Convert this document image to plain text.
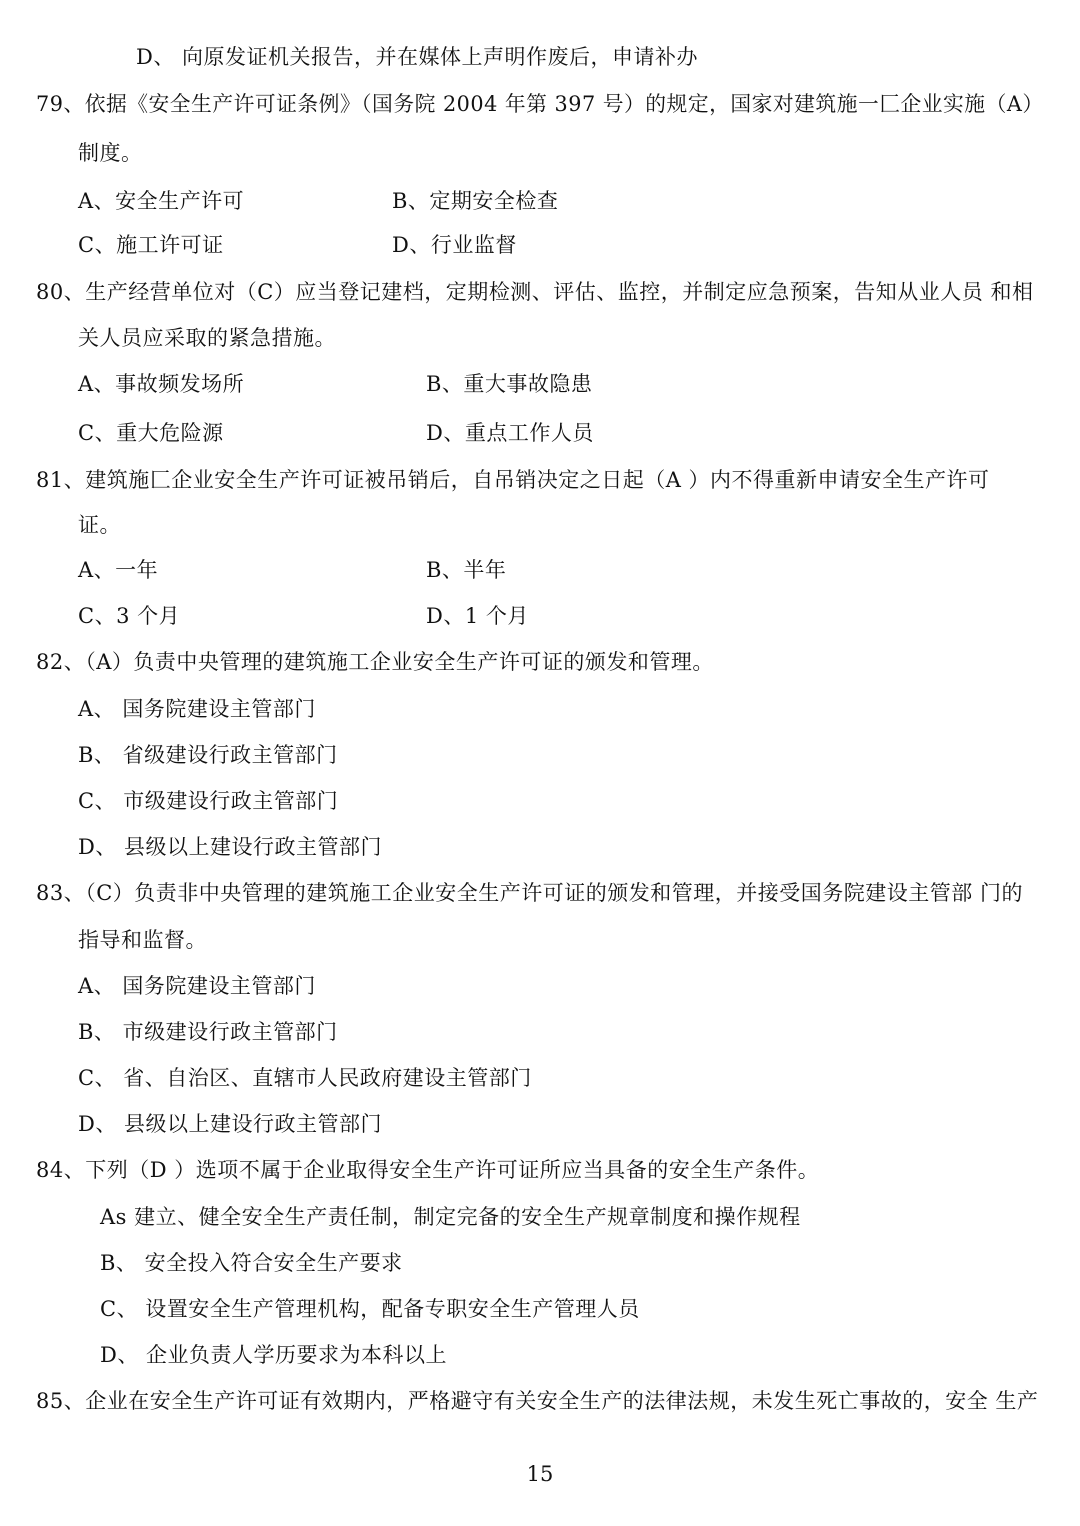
D、 向原发证机关报告，并在媒体上声明作废后，申请补办
79、依据《安全生产许可证条例》（国务院 2004 年第 397 号）的规定，国家对建筑施一匚企业实施（A）
制度。
A、安全生产许可	B、定期安全检查
C、施工许可证	D、行业监督
80、生产经营单位对（C）应当登记建档，定期检测、评估、监控，并制定应急预案，告知从业人员 和相
关人员应采取的紧急措施。
A、事故频发场所	B、重大事故隐患
C、重大危险源	D、重点工作人员
81、建筑施匚企业安全生产许可证被吊销后，自吊销决定之日起（A ）内不得重新申请安全生产许可
证。
A、一年	B、半年
C、3 个月	D、1 个月
82、（A）负责中央管理的建筑施工企业安全生产许可证的颁发和管理。
A、 国务院建设主管部门
B、 省级建设行政主管部门
C、 市级建设行政主管部门
D、 县级以上建设行政主管部门
83、（C）负责非中央管理的建筑施工企业安全生产许可证的颁发和管理，并接受国务院建设主管部 门的
指导和监督。
A、 国务院建设主管部门
B、 市级建设行政主管部门
C、 省、自治区、直辖市人民政府建设主管部门
D、 县级以上建设行政主管部门
84、下列（D ）选项不属于企业取得安全生产许可证所应当具备的安全生产条件。
As 建立、健全安全生产责任制，制定完备的安全生产规章制度和操作规程
B、 安全投入符合安全生产要求
C、 设置安全生产管理机构，配备专职安全生产管理人员
D、 企业负责人学历要求为本科以上
85、企业在安全生产许可证有效期内，严格避守有关安全生产的法律法规，未发生死亡事故的，安全 生产
15
